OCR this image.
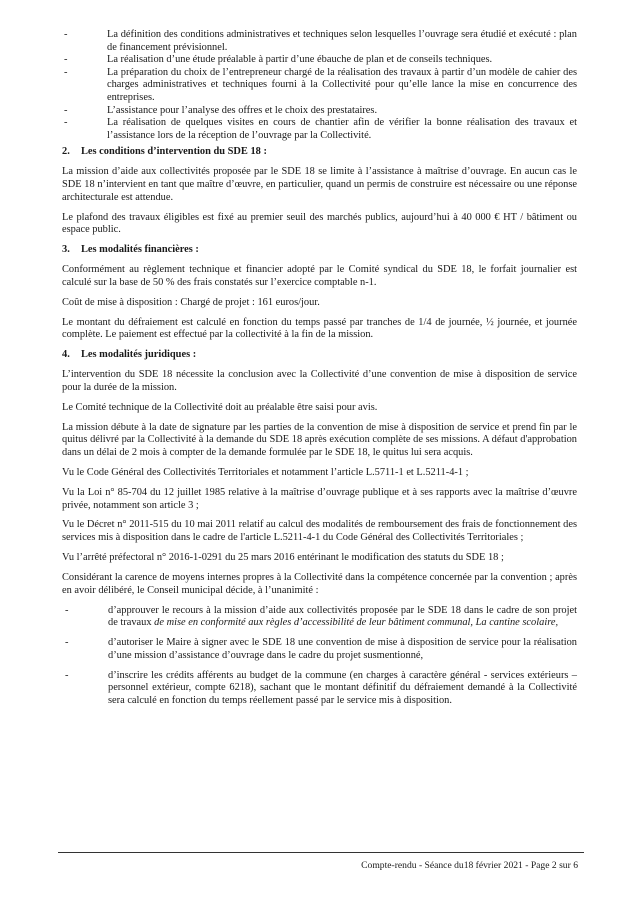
-	La définition des conditions administratives et techniques selon lesquelles l’ouvrage sera étudié et exécuté : plan de financement prévisionnel.
-	La réalisation d’une étude préalable à partir d’une ébauche de plan et de conseils techniques.
-	La préparation du choix de l’entrepreneur chargé de la réalisation des travaux à partir d’un modèle de cahier des charges administratives et techniques fourni à la Collectivité pour qu’elle lance la mise en concurrence des entreprises.
-	L’assistance pour l’analyse des offres et le choix des prestataires.
-	La réalisation de quelques visites en cours de chantier afin de vérifier la bonne réalisation des travaux et l’assistance lors de la réception de l’ouvrage par la Collectivité.
2. Les conditions d’intervention du SDE 18 :

La mission d’aide aux collectivités proposée par le SDE 18 se limite à l’assistance à maîtrise d’ouvrage. En aucun cas le SDE 18 n’intervient en tant que maître d’œuvre, en particulier, quand un permis de construire est nécessaire ou une réponse architecturale est attendue.

Le plafond des travaux éligibles est fixé au premier seuil des marchés publics, aujourd’hui à 40 000 € HT / bâtiment ou espace public.

3. Les modalités financières :

Conformément au règlement technique et financier adopté par le Comité syndical du SDE 18, le forfait journalier est calculé sur la base de 50 % des frais constatés sur l’exercice comptable n-1.

Coût de mise à disposition : Chargé de projet : 161 euros/jour.

Le montant du défraiement est calculé en fonction du temps passé par tranches de 1/4 de journée, ½ journée, et journée complète. Le paiement est effectué par la collectivité à la fin de la mission.

4. Les modalités juridiques :

L’intervention du SDE 18 nécessite la conclusion avec la Collectivité d’une convention de mise à disposition de service pour la durée de la mission.

Le Comité technique de la Collectivité doit au préalable être saisi pour avis.

La mission débute à la date de signature par les parties de la convention de mise à disposition de service et prend fin par le quitus délivré par la Collectivité à la demande du SDE 18 après exécution complète de ses missions. A défaut d'approbation dans un délai de 2 mois à compter de la demande formulée par le SDE 18, le quitus lui sera acquis.

Vu le Code Général des Collectivités Territoriales et notamment l’article L.5711-1 et L.5211-4-1 ;

Vu la Loi n° 85-704 du 12 juillet 1985 relative à la maîtrise d’ouvrage publique et à ses rapports avec la maîtrise d’œuvre privée, notamment son article 3 ;

Vu le Décret n° 2011-515 du 10 mai 2011 relatif au calcul des modalités de remboursement des frais de fonctionnement des services mis à disposition dans le cadre de l'article L.5211-4-1 du Code Général des Collectivités Territoriales ;

Vu l’arrêté préfectoral n° 2016-1-0291 du 25 mars 2016 entérinant le modification des statuts du SDE 18 ;

Considérant la carence de moyens internes propres à la Collectivité dans la compétence concernée par la convention ; après en avoir délibéré, le Conseil municipal décide, à l’unanimité :

-	d’approuver le recours à la mission d’aide aux collectivités proposée par le SDE 18 dans le cadre de son projet de travaux de mise en conformité aux règles d’accessibilité de leur bâtiment communal, La cantine scolaire,
-	d’autoriser le Maire à signer avec le SDE 18 une convention de mise à disposition de service pour la réalisation d’une mission d’assistance d’ouvrage dans le cadre du projet susmentionné,
-	d’inscrire les crédits afférents au budget de la commune (en charges à caractère général - services extérieurs – personnel extérieur, compte 6218), sachant que le montant définitif du défraiement demandé à la Collectivité sera calculé en fonction du temps réellement passé par le service mis à disposition.
Compte-rendu - Séance du18 février 2021 - Page 2 sur 6
